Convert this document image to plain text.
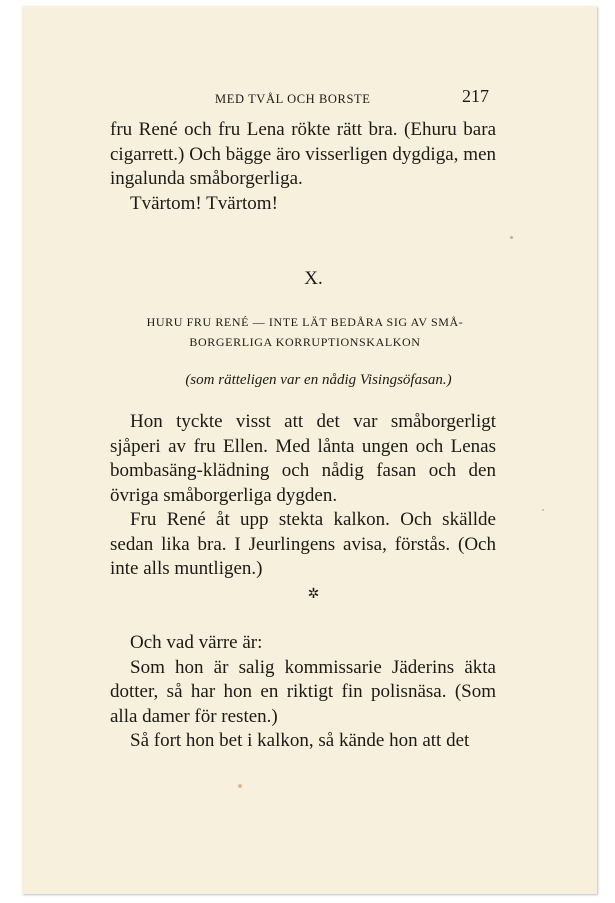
MED TVÅL OCH BORSTE	217

fru René och fru Lena rökte rätt bra. (Ehuru bara cigarrett.) Och bägge äro visserligen dygdiga, men ingalunda småborgerliga.

Tvärtom! Tvärtom!

X.
HURU FRU RENÉ — INTE LÄT BEDÅRA SIG AV SMÅ-
BORGERLIGA KORRUPTIONSKALKON
(som rätteligen var en nådig Visingsöfasan.)

Hon tyckte visst att det var småborgerligt sjåperi av fru Ellen. Med lånta ungen och Lenas bombasäng-klädning och nådig fasan och den övriga småborgerliga dygden.

Fru René åt upp stekta kalkon. Och skällde sedan lika bra. I Jeurlingens avisa, förstås. (Och inte alls muntligen.)

✲

Och vad värre är:

Som hon är salig kommissarie Jäderins äkta dotter, så har hon en riktigt fin polisnäsa. (Som alla damer för resten.)

Så fort hon bet i kalkon, så kände hon att det
